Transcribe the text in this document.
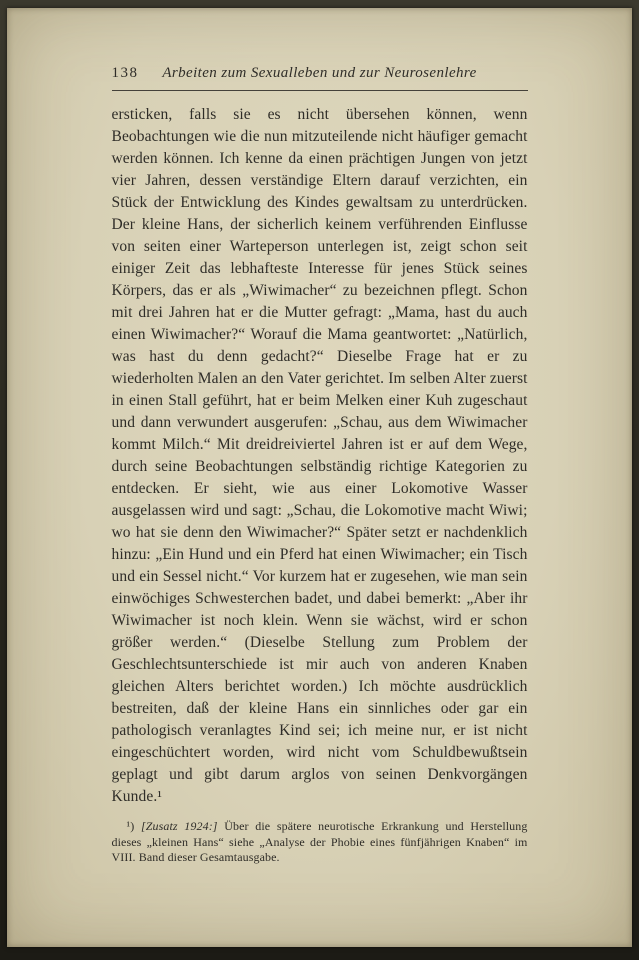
138	Arbeiten zum Sexualleben und zur Neurosenlehre

ersticken, falls sie es nicht übersehen können, wenn Beobachtungen wie die nun mitzuteilende nicht häufiger gemacht werden können. Ich kenne da einen prächtigen Jungen von jetzt vier Jahren, dessen verständige Eltern darauf verzichten, ein Stück der Entwicklung des Kindes gewaltsam zu unterdrücken. Der kleine Hans, der sicherlich keinem verführenden Einflusse von seiten einer Warteperson unterlegen ist, zeigt schon seit einiger Zeit das lebhafteste Interesse für jenes Stück seines Körpers, das er als „Wiwimacher“ zu bezeichnen pflegt. Schon mit drei Jahren hat er die Mutter gefragt: „Mama, hast du auch einen Wiwimacher?“ Worauf die Mama geantwortet: „Natürlich, was hast du denn gedacht?“ Dieselbe Frage hat er zu wiederholten Malen an den Vater gerichtet. Im selben Alter zuerst in einen Stall geführt, hat er beim Melken einer Kuh zugeschaut und dann verwundert ausgerufen: „Schau, aus dem Wiwimacher kommt Milch.“ Mit dreidreiviertel Jahren ist er auf dem Wege, durch seine Beobachtungen selbständig richtige Kategorien zu entdecken. Er sieht, wie aus einer Lokomotive Wasser ausgelassen wird und sagt: „Schau, die Lokomotive macht Wiwi; wo hat sie denn den Wiwimacher?“ Später setzt er nachdenklich hinzu: „Ein Hund und ein Pferd hat einen Wiwimacher; ein Tisch und ein Sessel nicht.“ Vor kurzem hat er zugesehen, wie man sein einwöchiges Schwesterchen badet, und dabei bemerkt: „Aber ihr Wiwimacher ist noch klein. Wenn sie wächst, wird er schon größer werden.“ (Dieselbe Stellung zum Problem der Geschlechtsunterschiede ist mir auch von anderen Knaben gleichen Alters berichtet worden.) Ich möchte ausdrücklich bestreiten, daß der kleine Hans ein sinnliches oder gar ein pathologisch veranlagtes Kind sei; ich meine nur, er ist nicht eingeschüchtert worden, wird nicht vom Schuldbewußtsein geplagt und gibt darum arglos von seinen Denkvorgängen Kunde.¹

¹) [Zusatz 1924:] Über die spätere neurotische Erkrankung und Herstellung dieses „kleinen Hans“ siehe „Analyse der Phobie eines fünfjährigen Knaben“ im VIII. Band dieser Gesamtausgabe.
